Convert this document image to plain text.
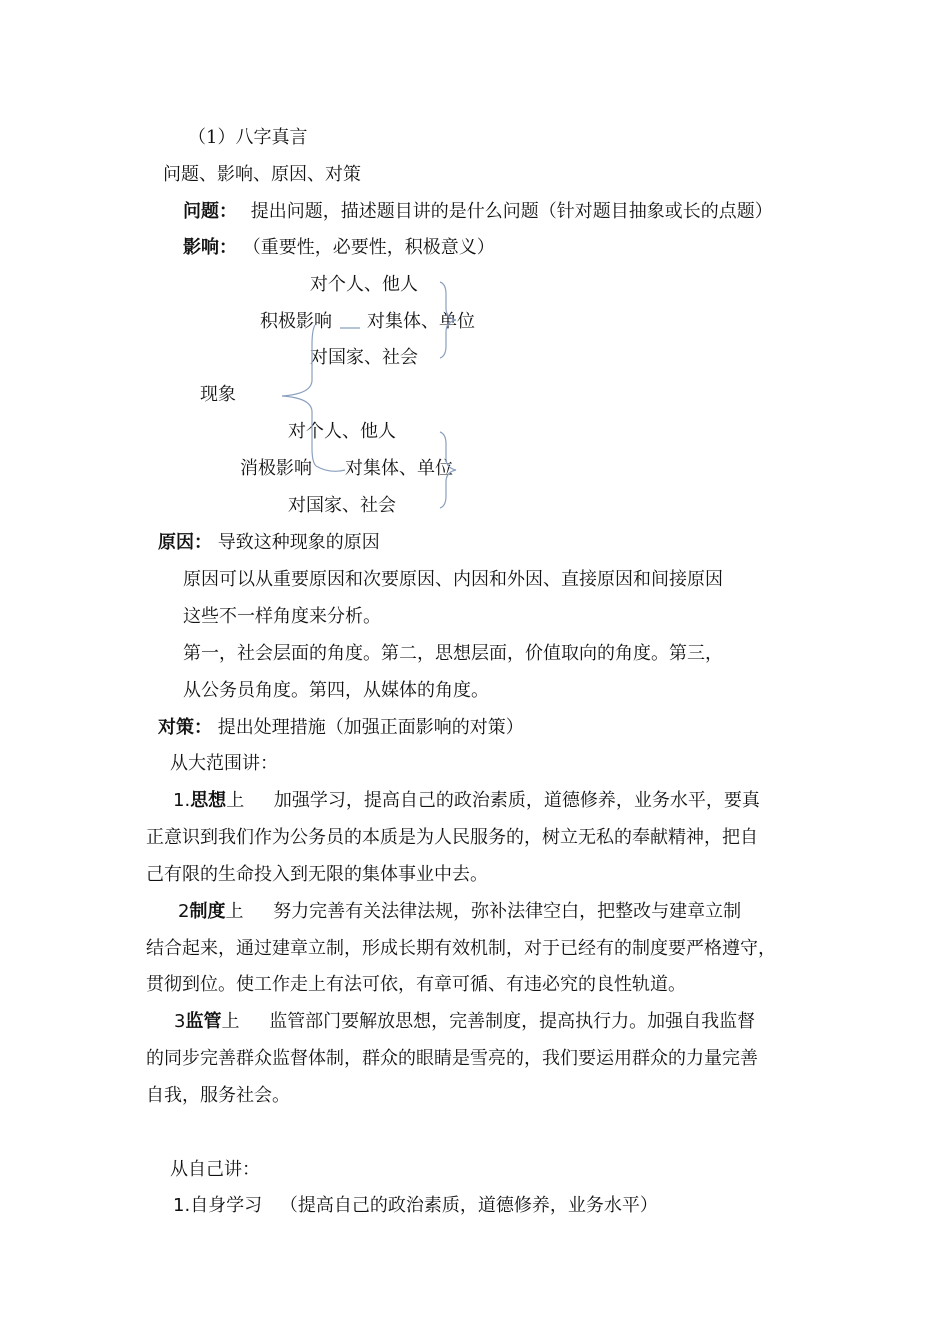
（1）八字真言
问题、影响、原因、对策
问题： 提出问题，描述题目讲的是什么问题（针对题目抽象或长的点题）
影响： （重要性，必要性，积极意义）
对个人、他人
积极影响 对集体、单位
对国家、社会
现象
对个人、他人
消极影响 对集体、单位
对国家、社会
原因： 导致这种现象的原因
原因可以从重要原因和次要原因、内因和外因、直接原因和间接原因
这些不一样角度来分析。
第一，社会层面的角度。第二，思想层面，价值取向的角度。第三，
从公务员角度。第四，从媒体的角度。
对策： 提出处理措施（加强正面影响的对策）
从大范围讲：
1.思想上 加强学习，提高自己的政治素质，道德修养，业务水平，要真
正意识到我们作为公务员的本质是为人民服务的，树立无私的奉献精神，把自
己有限的生命投入到无限的集体事业中去。
2制度上 努力完善有关法律法规，弥补法律空白，把整改与建章立制
结合起来，通过建章立制，形成长期有效机制，对于已经有的制度要严格遵守，
贯彻到位。使工作走上有法可依，有章可循、有违必究的良性轨道。
3监管上 监管部门要解放思想，完善制度，提高执行力。加强自我监督
的同步完善群众监督体制，群众的眼睛是雪亮的，我们要运用群众的力量完善
自我，服务社会。
从自己讲：
1.自身学习 （提高自己的政治素质，道德修养，业务水平）
